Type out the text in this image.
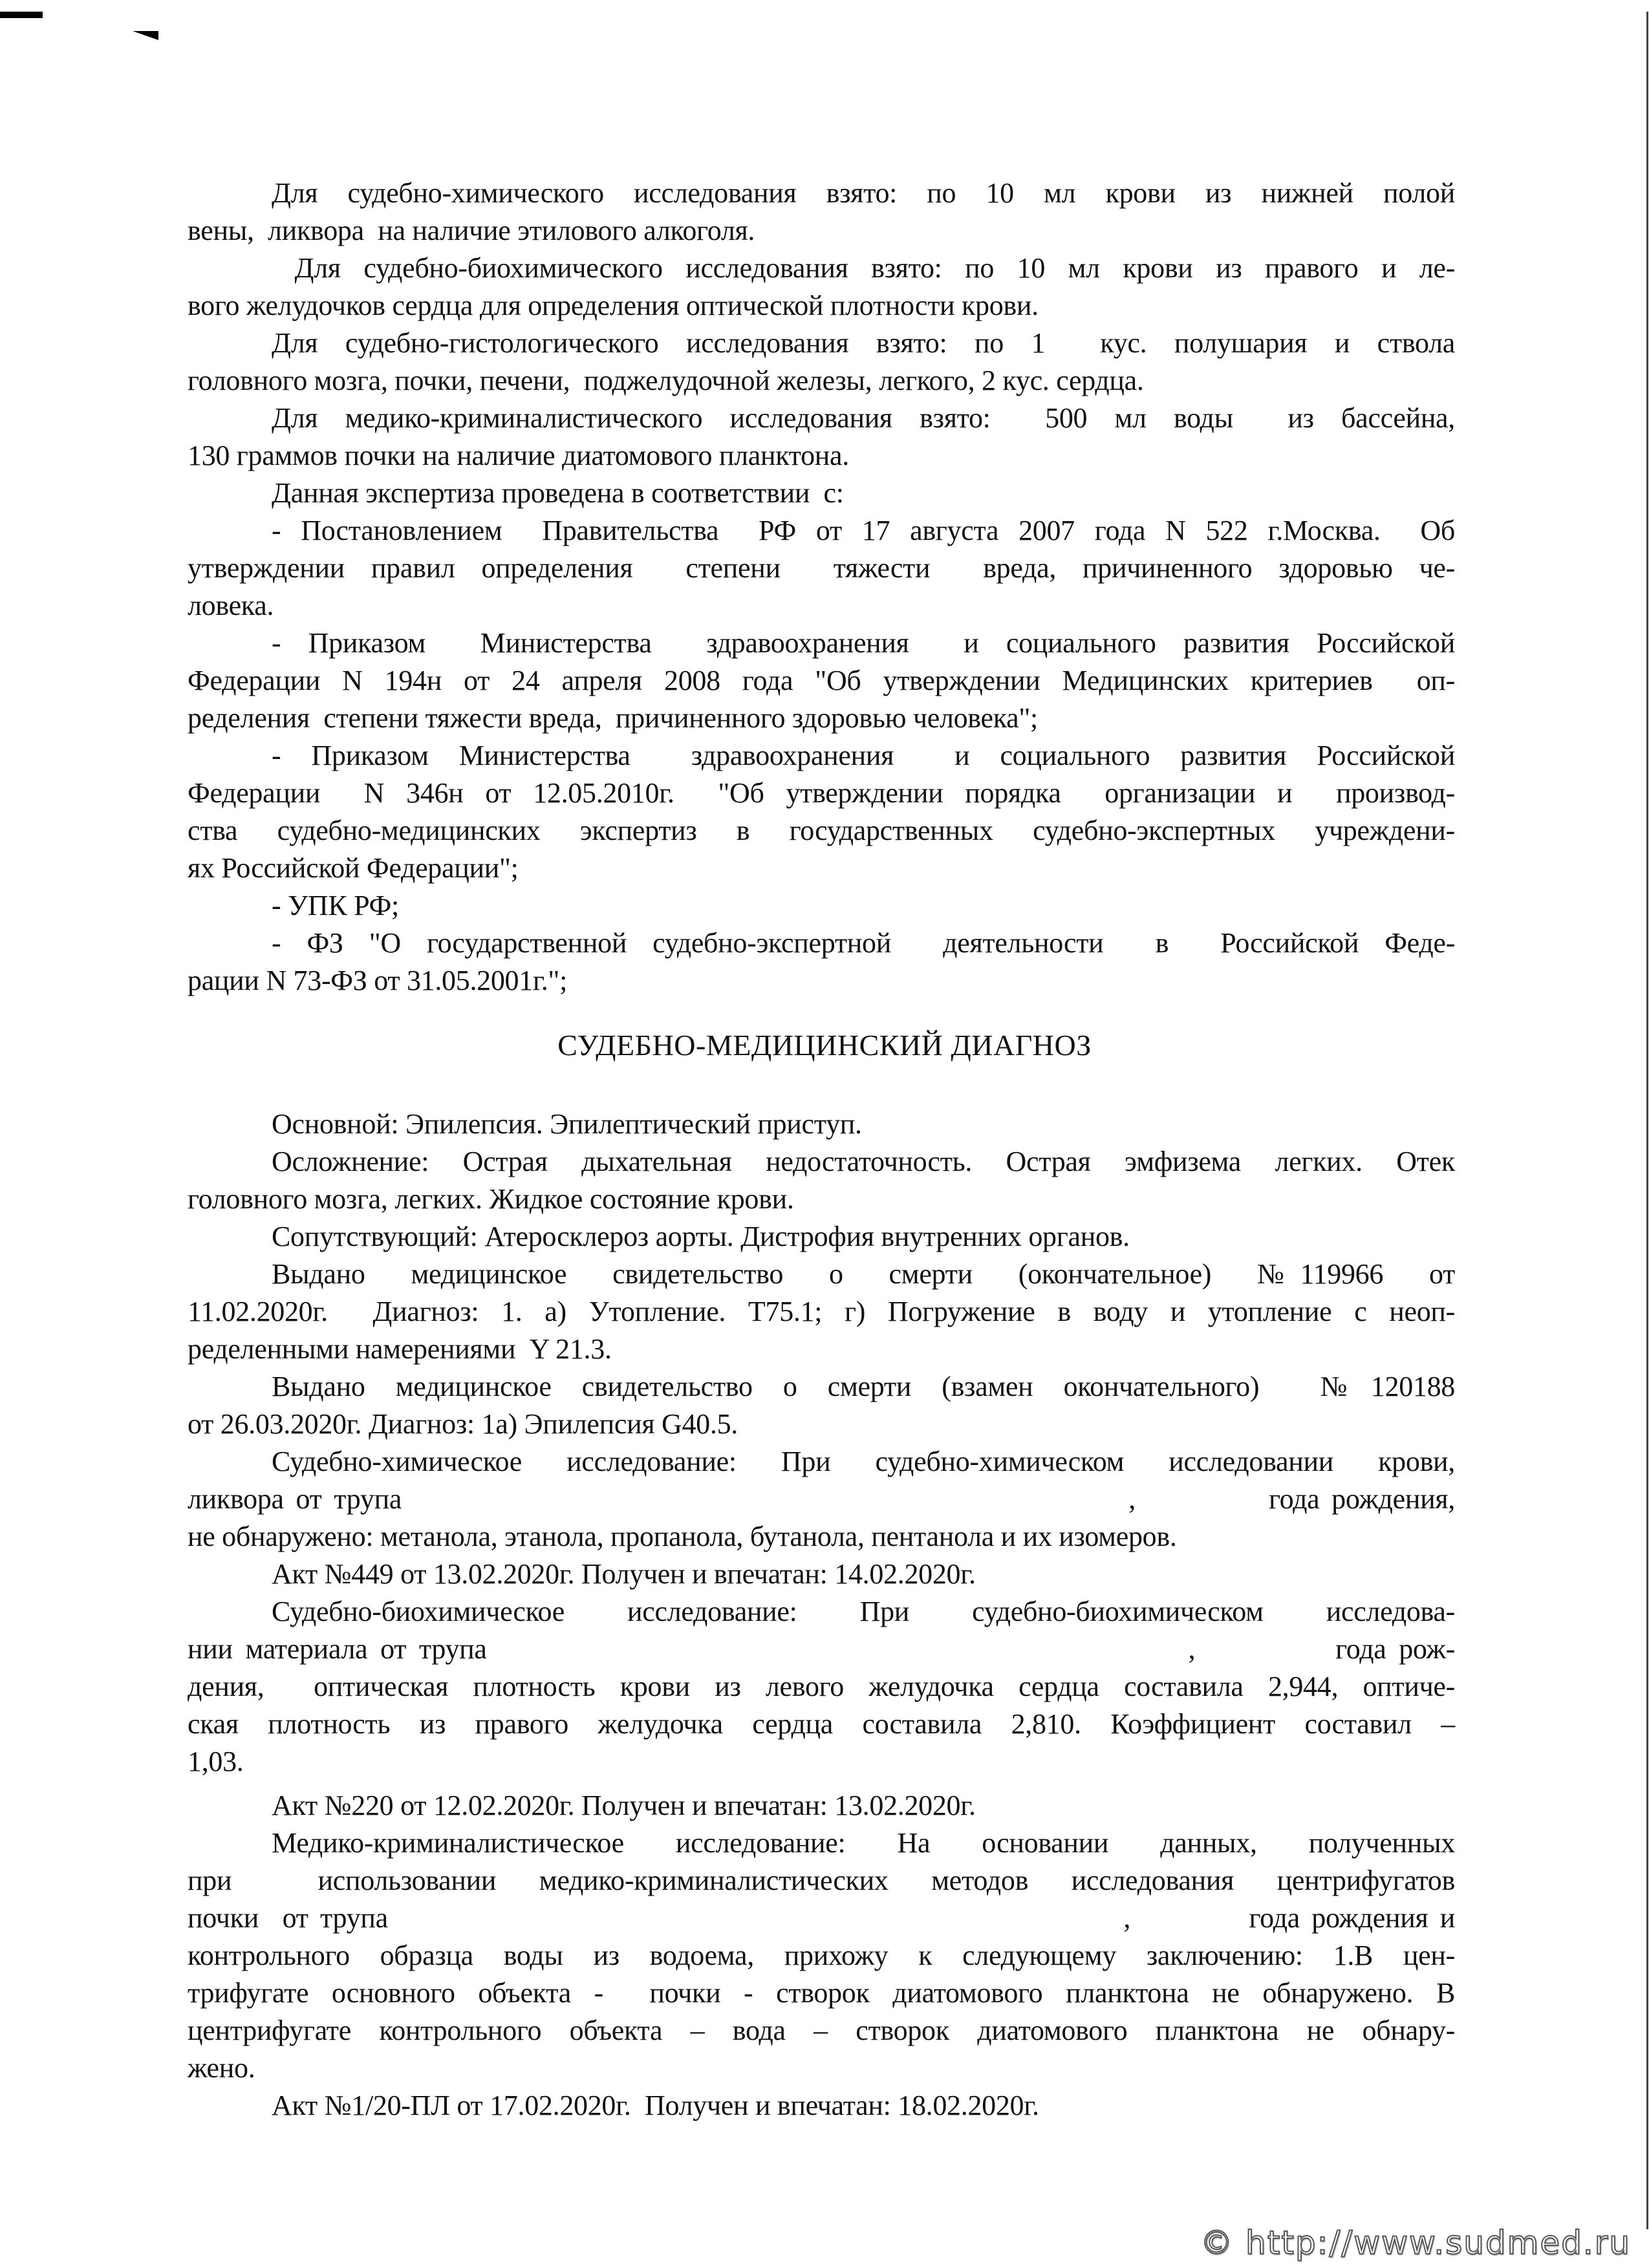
Для судебно-химического исследования взято: по 10 мл крови из нижней полой
вены,  ликвора  на наличие этилового алкоголя.
Для судебно-биохимического исследования взято: по 10 мл крови из правого и ле-
вого желудочков сердца для определения оптической плотности крови.
Для судебно-гистологического исследования взято: по 1  кус. полушария и ствола
головного мозга, почки, печени,  поджелудочной железы, легкого, 2 кус. сердца.
Для медико-криминалистического исследования взято:  500 мл воды  из бассейна,
130 граммов почки на наличие диатомового планктона.
Данная экспертиза проведена в соответствии  с:
- Постановлением  Правительства  РФ от 17 августа 2007 года N 522 г.Москва.  Об
утверждении правил определения  степени  тяжести  вреда, причиненного здоровью че-
ловека.
- Приказом  Министерства  здравоохранения  и социального развития Российской
Федерации N 194н от 24 апреля 2008 года "Об утверждении Медицинских критериев  оп-
ределения  степени тяжести вреда,  причиненного здоровью человека";
- Приказом Министерства  здравоохранения  и социального развития Российской
Федерации  N 346н от 12.05.2010г.  "Об утверждении порядка  организации и  производ-
ства судебно-медицинских экспертиз в государственных судебно-экспертных учреждени-
ях Российской Федерации";
- УПК РФ;
- ФЗ "О государственной судебно-экспертной  деятельности  в  Российской Феде-
рации N 73-ФЗ от 31.05.2001г.";
СУДЕБНО-МЕДИЦИНСКИЙ ДИАГНОЗ
Основной: Эпилепсия. Эпилептический приступ.
Осложнение: Острая дыхательная недостаточность. Острая эмфизема легких. Отек
головного мозга, легких. Жидкое состояние крови.
Сопутствующий: Атеросклероз аорты. Дистрофия внутренних органов.
Выдано  медицинское  свидетельство  о  смерти  (окончательное)  №119966  от
11.02.2020г.  Диагноз: 1. а) Утопление. Т75.1; г) Погружение в воду и утопление с неоп-
ределенными намерениями  Y 21.3.
Выдано медицинское свидетельство о смерти (взамен окончательного)  №120188
от 26.03.2020г. Диагноз: 1а) Эпилепсия G40.5.
Судебно-химическое исследование: При судебно-химическом исследовании крови,
ликвора от трупа                                                            ,           года рождения,
не обнаружено: метанола, этанола, пропанола, бутанола, пентанола и их изомеров.
Акт №449 от 13.02.2020г. Получен и впечатан: 14.02.2020г.
Судебно-биохимическое  исследование:  При  судебно-биохимическом  исследова-
нии материала от трупа                                                       ,           года рож-
дения,  оптическая плотность крови из левого желудочка сердца составила 2,944, оптиче-
ская плотность из правого желудочка сердца составила 2,810. Коэффициент составил –
1,03.
Акт №220 от 12.02.2020г. Получен и впечатан: 13.02.2020г.
Медико-криминалистическое  исследование:  На  основании  данных,  полученных
при  использовании медико-криминалистических методов исследования центрифугатов
почки  от трупа                                                              ,          года рождения и
контрольного образца воды из водоема, прихожу к следующему заключению: 1.В цен-
трифугате основного объекта -  почки - створок диатомового планктона не обнаружено. В
центрифугате контрольного объекта – вода – створок диатомового планктона не обнару-
жено.
Акт №1/20-ПЛ от 17.02.2020г.  Получен и впечатан: 18.02.2020г.
© http://www.sudmed.ru
